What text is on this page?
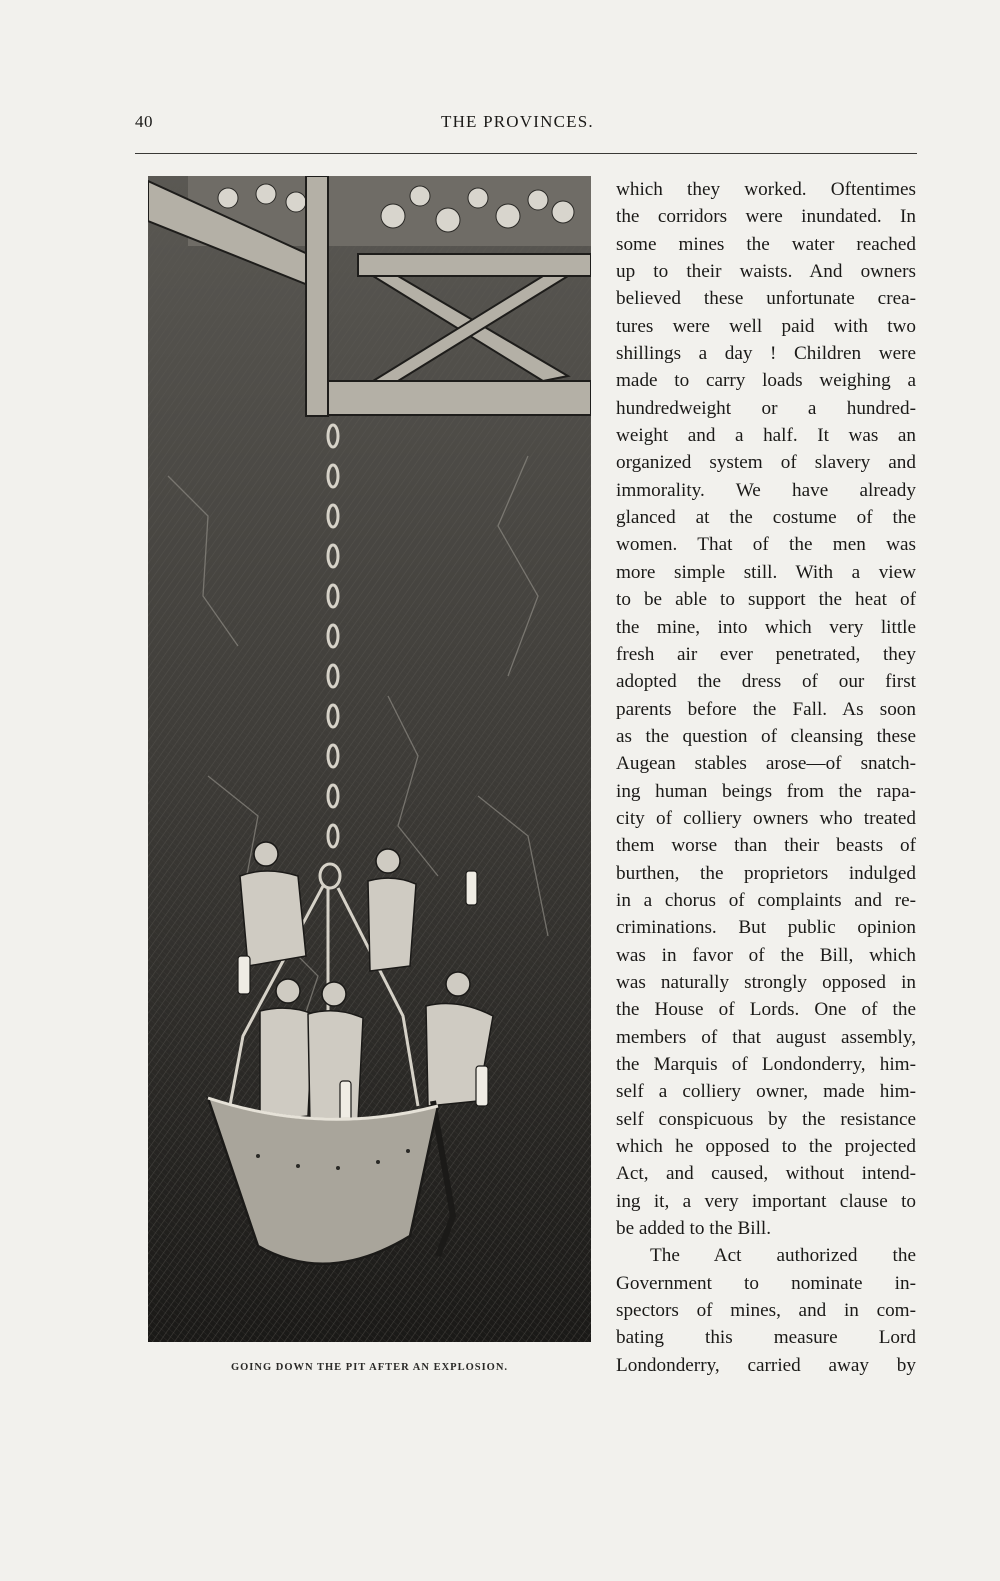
40	THE PROVINCES.
GOING DOWN THE PIT AFTER AN EXPLOSION.
which they worked. Oftentimes
the corridors were inundated. In
some mines the water reached
up to their waists. And owners
believed these unfortunate crea-
tures were well paid with two
shillings a day ! Children were
made to carry loads weighing a
hundredweight or a hundred-
weight and a half. It was an
organized system of slavery and
immorality. We have already
glanced at the costume of the
women. That of the men was
more simple still. With a view
to be able to support the heat of
the mine, into which very little
fresh air ever penetrated, they
adopted the dress of our first
parents before the Fall. As soon
as the question of cleansing these
Augean stables arose—of snatch-
ing human beings from the rapa-
city of colliery owners who treated
them worse than their beasts of
burthen, the proprietors indulged
in a chorus of complaints and re-
criminations. But public opinion
was in favor of the Bill, which
was naturally strongly opposed in
the House of Lords. One of the
members of that august assembly,
the Marquis of Londonderry, him-
self a colliery owner, made him-
self conspicuous by the resistance
which he opposed to the projected
Act, and caused, without intend-
ing it, a very important clause to
be added to the Bill.
The Act authorized the
Government to nominate in-
spectors of mines, and in com-
bating this measure Lord
Londonderry, carried away by
